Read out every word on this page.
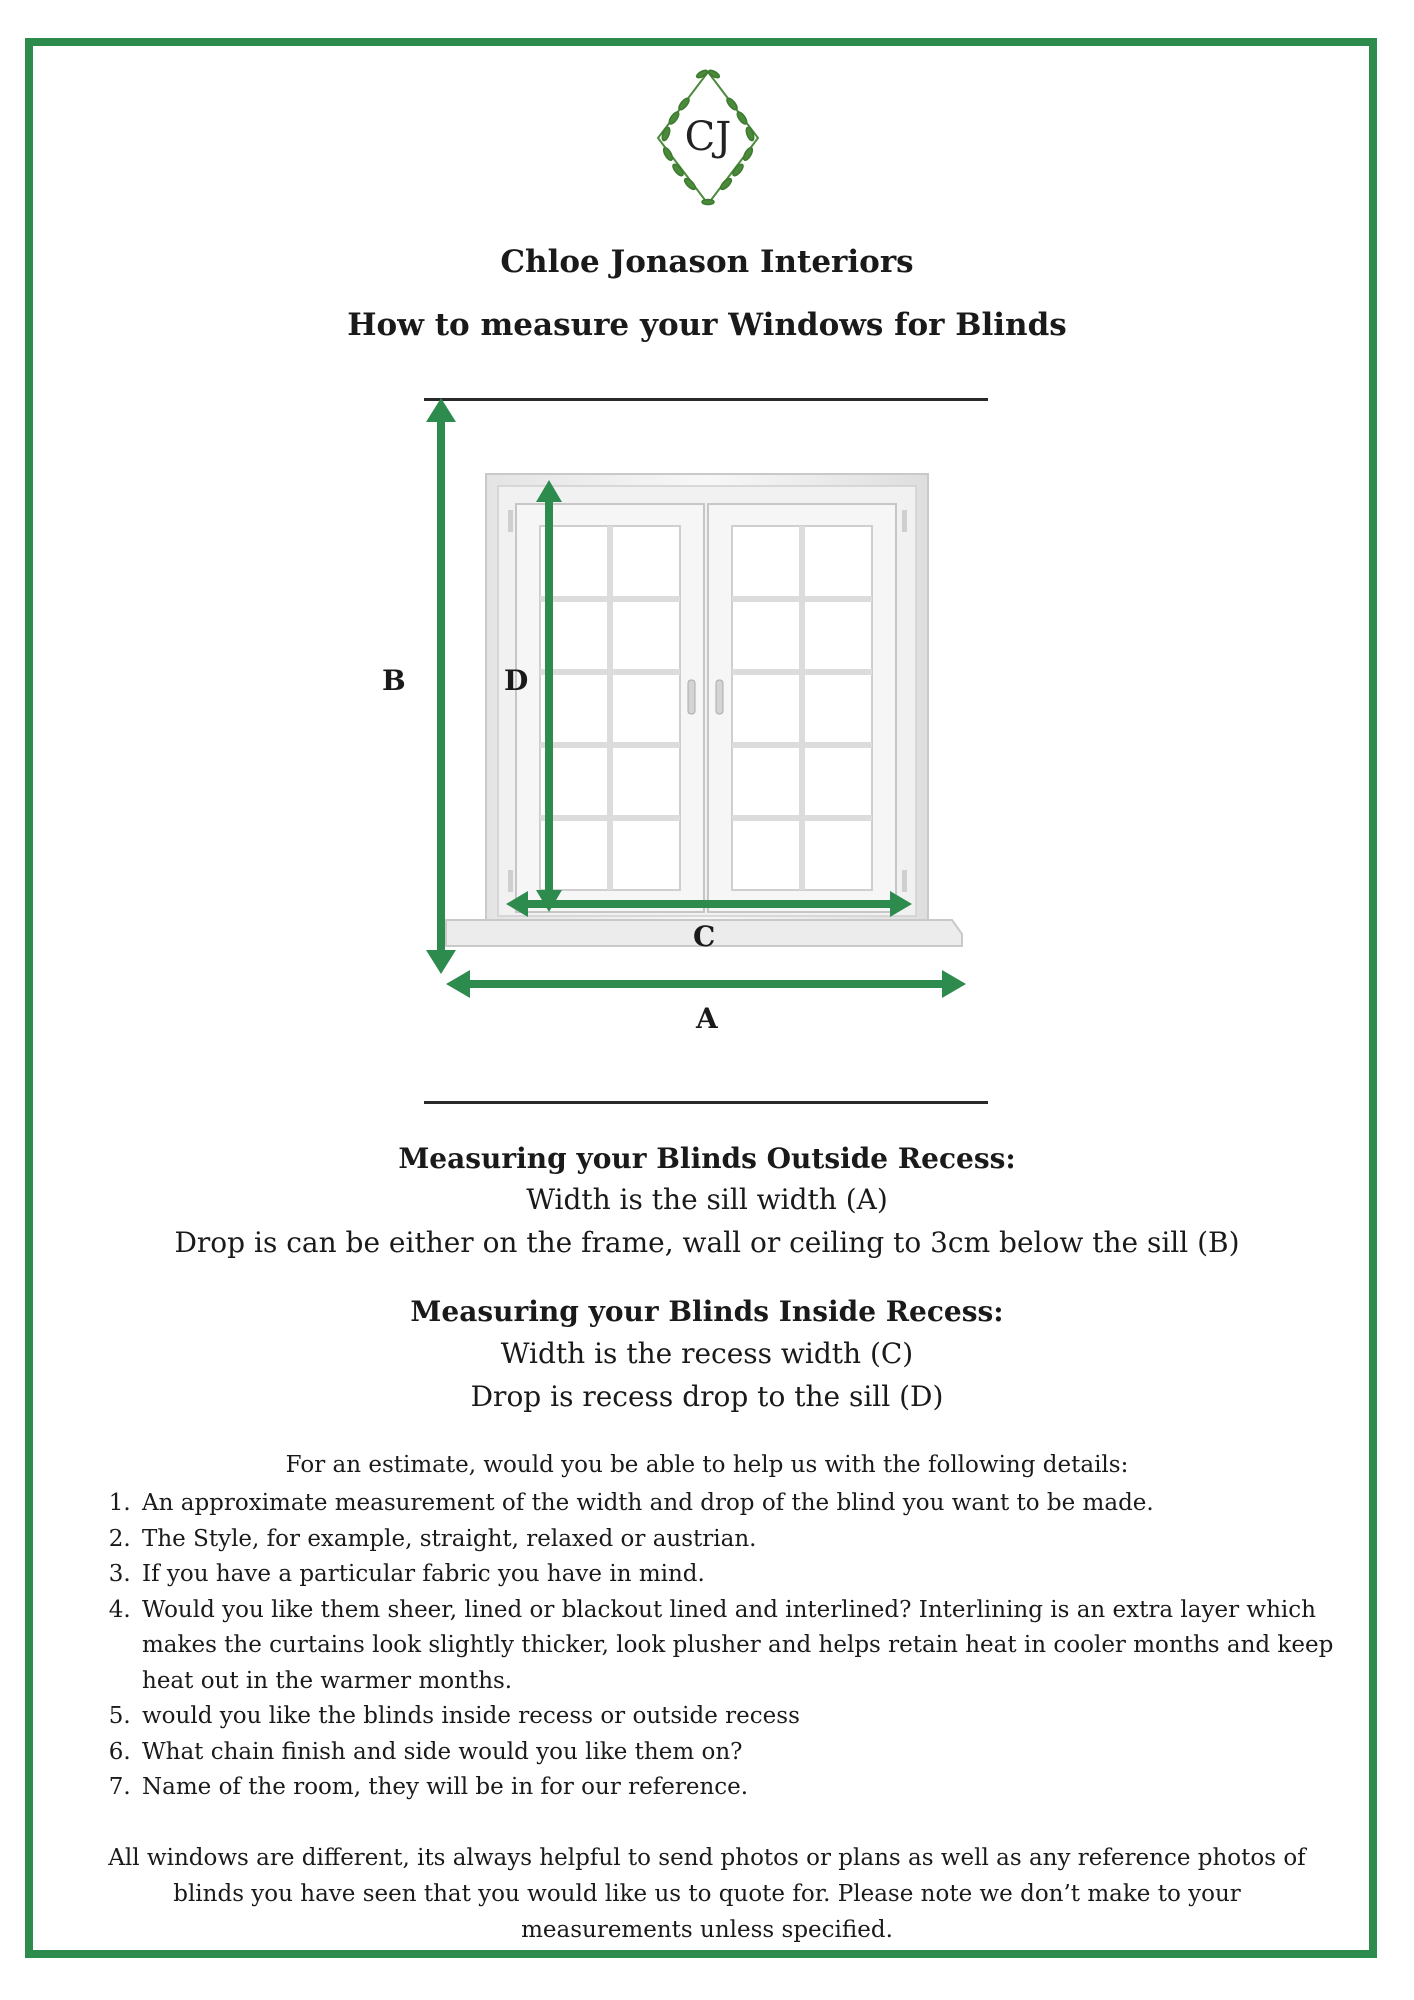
CJ
Chloe Jonason Interiors
How to measure your Windows for Blinds
B	D
C
A
Measuring your Blinds Outside Recess:
Width is the sill width (A)
Drop is can be either on the frame, wall or ceiling to 3cm below the sill (B)
Measuring your Blinds Inside Recess:
Width is the recess width (C)
Drop is recess drop to the sill (D)
For an estimate, would you be able to help us with the following details:
1. An approximate measurement of the width and drop of the blind you want to be made.
2. The Style, for example, straight, relaxed or austrian.
3. If you have a particular fabric you have in mind.
4. Would you like them sheer, lined or blackout lined and interlined? Interlining is an extra layer which makes the curtains look slightly thicker, look plusher and helps retain heat in cooler months and keep heat out in the warmer months.
5. would you like the blinds inside recess or outside recess
6. What chain finish and side would you like them on?
7. Name of the room, they will be in for our reference.
All windows are different, its always helpful to send photos or plans as well as any reference photos of blinds you have seen that you would like us to quote for. Please note we don’t make to your measurements unless specified.
